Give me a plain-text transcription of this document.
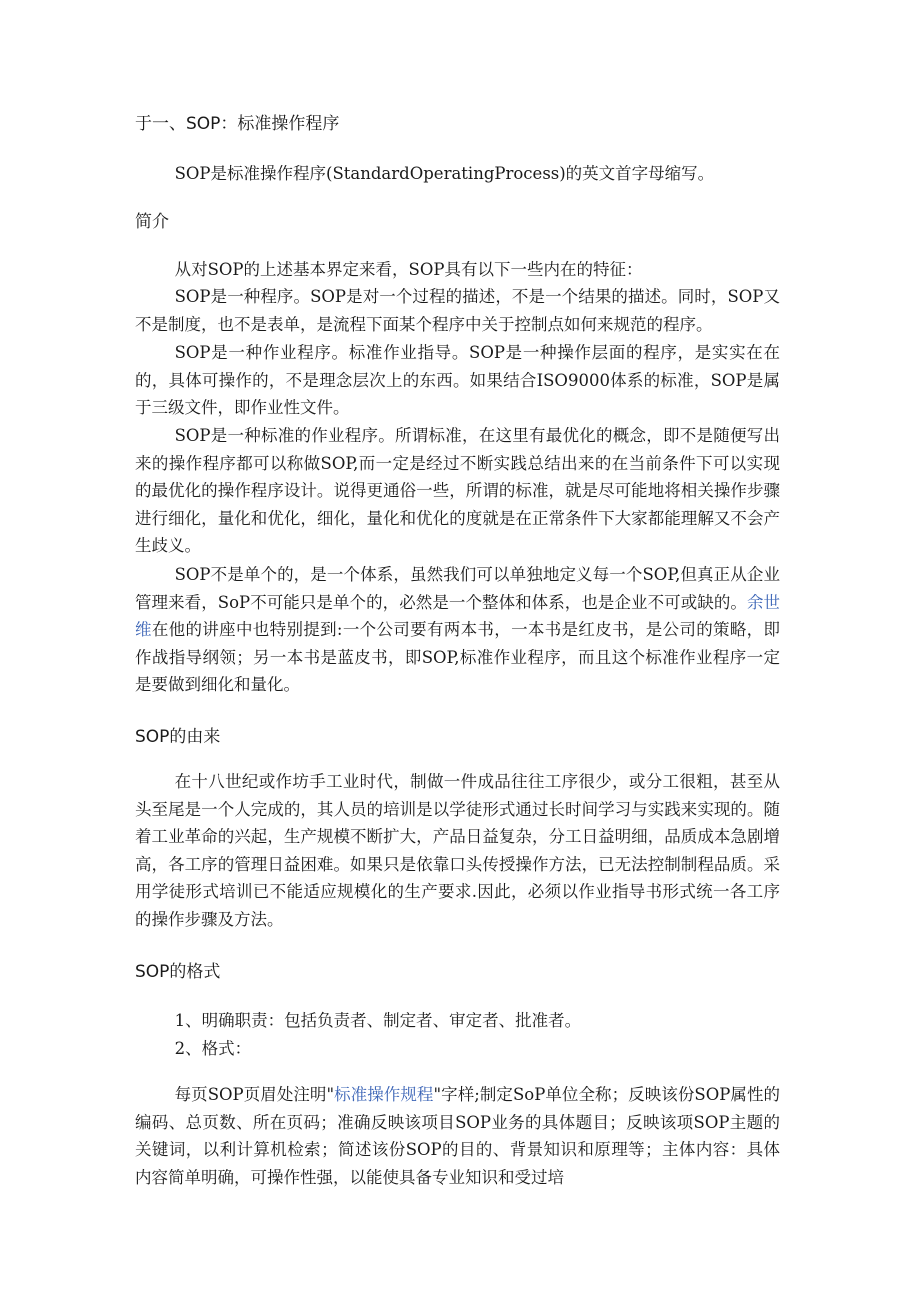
于一、SOP：标准操作程序

SOP是标准操作程序(StandardOperatingProcess)的英文首字母缩写。

简介

从对SOP的上述基本界定来看，SOP具有以下一些内在的特征：

SOP是一种程序。SOP是对一个过程的描述，不是一个结果的描述。同时，SOP又不是制度，也不是表单，是流程下面某个程序中关于控制点如何来规范的程序。

SOP是一种作业程序。标准作业指导。SOP是一种操作层面的程序，是实实在在的，具体可操作的，不是理念层次上的东西。如果结合ISO9000体系的标准，SOP是属于三级文件，即作业性文件。

SOP是一种标准的作业程序。所谓标准，在这里有最优化的概念，即不是随便写出来的操作程序都可以称做SOP,而一定是经过不断实践总结出来的在当前条件下可以实现的最优化的操作程序设计。说得更通俗一些，所谓的标准，就是尽可能地将相关操作步骤进行细化，量化和优化，细化，量化和优化的度就是在正常条件下大家都能理解又不会产生歧义。

SOP不是单个的，是一个体系，虽然我们可以单独地定义每一个SOP,但真正从企业管理来看，SoP不可能只是单个的，必然是一个整体和体系，也是企业不可或缺的。余世维在他的讲座中也特别提到:一个公司要有两本书，一本书是红皮书，是公司的策略，即作战指导纲领；另一本书是蓝皮书，即SOP,标准作业程序，而且这个标准作业程序一定是要做到细化和量化。

SOP的由来

在十八世纪或作坊手工业时代，制做一件成品往往工序很少，或分工很粗，甚至从头至尾是一个人完成的，其人员的培训是以学徒形式通过长时间学习与实践来实现的。随着工业革命的兴起，生产规模不断扩大，产品日益复杂，分工日益明细，品质成本急剧增高，各工序的管理日益困难。如果只是依靠口头传授操作方法，已无法控制制程品质。采用学徒形式培训已不能适应规模化的生产要求.因此，必须以作业指导书形式统一各工序的操作步骤及方法。

SOP的格式

1、明确职责：包括负责者、制定者、审定者、批准者。

2、格式：

每页SOP页眉处注明"标准操作规程"字样;制定SoP单位全称；反映该份SOP属性的编码、总页数、所在页码；准确反映该项目SOP业务的具体题目；反映该项SOP主题的关键词，以利计算机检索；简述该份SOP的目的、背景知识和原理等；主体内容：具体内容简单明确，可操作性强，以能使具备专业知识和受过培
